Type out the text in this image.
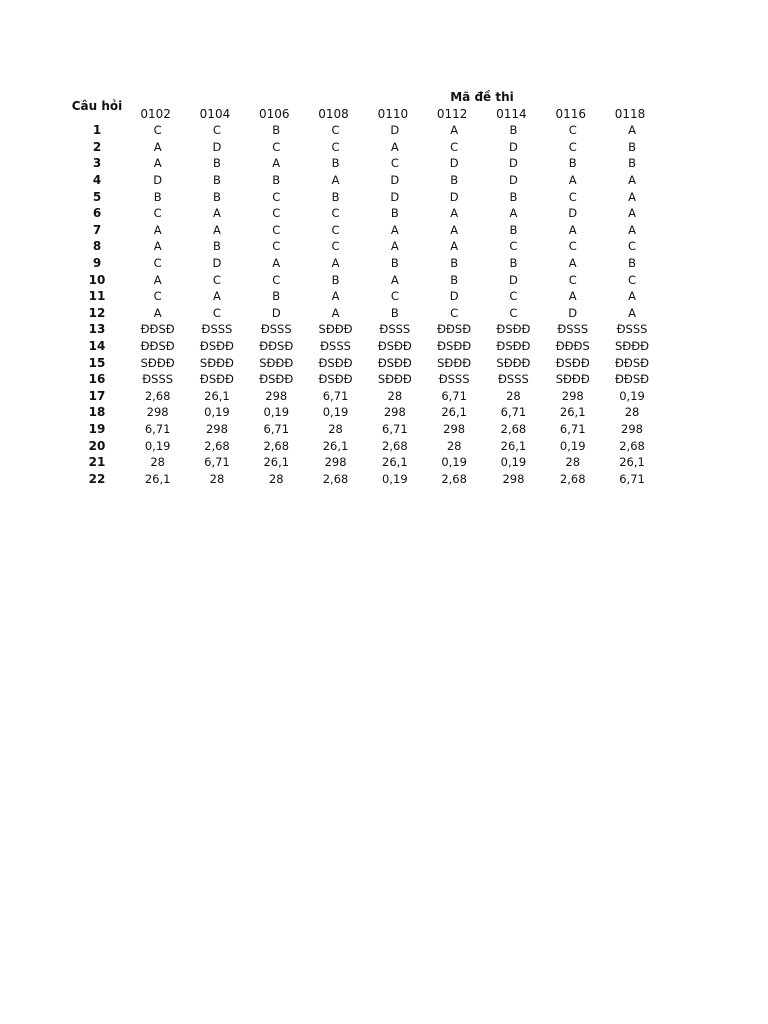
Câu hỏi
Mã đề thi
0102	0104	0106	0108	0110	0112	0114	0116	0118
1	C	C	B	C	D	A	B	C	A
2	A	D	C	C	A	C	D	C	B
3	A	B	A	B	C	D	D	B	B
4	D	B	B	A	D	B	D	A	A
5	B	B	C	B	D	D	B	C	A
6	C	A	C	C	B	A	A	D	A
7	A	A	C	C	A	A	B	A	A
8	A	B	C	C	A	A	C	C	C
9	C	D	A	A	B	B	B	A	B
10	A	C	C	B	A	B	D	C	C
11	C	A	B	A	C	D	C	A	A
12	A	C	D	A	B	C	C	D	A
13	ĐĐSĐ	ĐSSS	ĐSSS	SĐĐĐ	ĐSSS	ĐĐSĐ	ĐSĐĐ	ĐSSS	ĐSSS
14	ĐĐSĐ	ĐSĐĐ	ĐĐSĐ	ĐSSS	ĐSĐĐ	ĐSĐĐ	ĐSĐĐ	ĐĐĐS	SĐĐĐ
15	SĐĐĐ	SĐĐĐ	SĐĐĐ	ĐSĐĐ	ĐSĐĐ	SĐĐĐ	SĐĐĐ	ĐSĐĐ	ĐĐSĐ
16	ĐSSS	ĐSĐĐ	ĐSĐĐ	ĐSĐĐ	SĐĐĐ	ĐSSS	ĐSSS	SĐĐĐ	ĐĐSĐ
17	2,68	26,1	298	6,71	28	6,71	28	298	0,19
18	298	0,19	0,19	0,19	298	26,1	6,71	26,1	28
19	6,71	298	6,71	28	6,71	298	2,68	6,71	298
20	0,19	2,68	2,68	26,1	2,68	28	26,1	0,19	2,68
21	28	6,71	26,1	298	26,1	0,19	0,19	28	26,1
22	26,1	28	28	2,68	0,19	2,68	298	2,68	6,71
